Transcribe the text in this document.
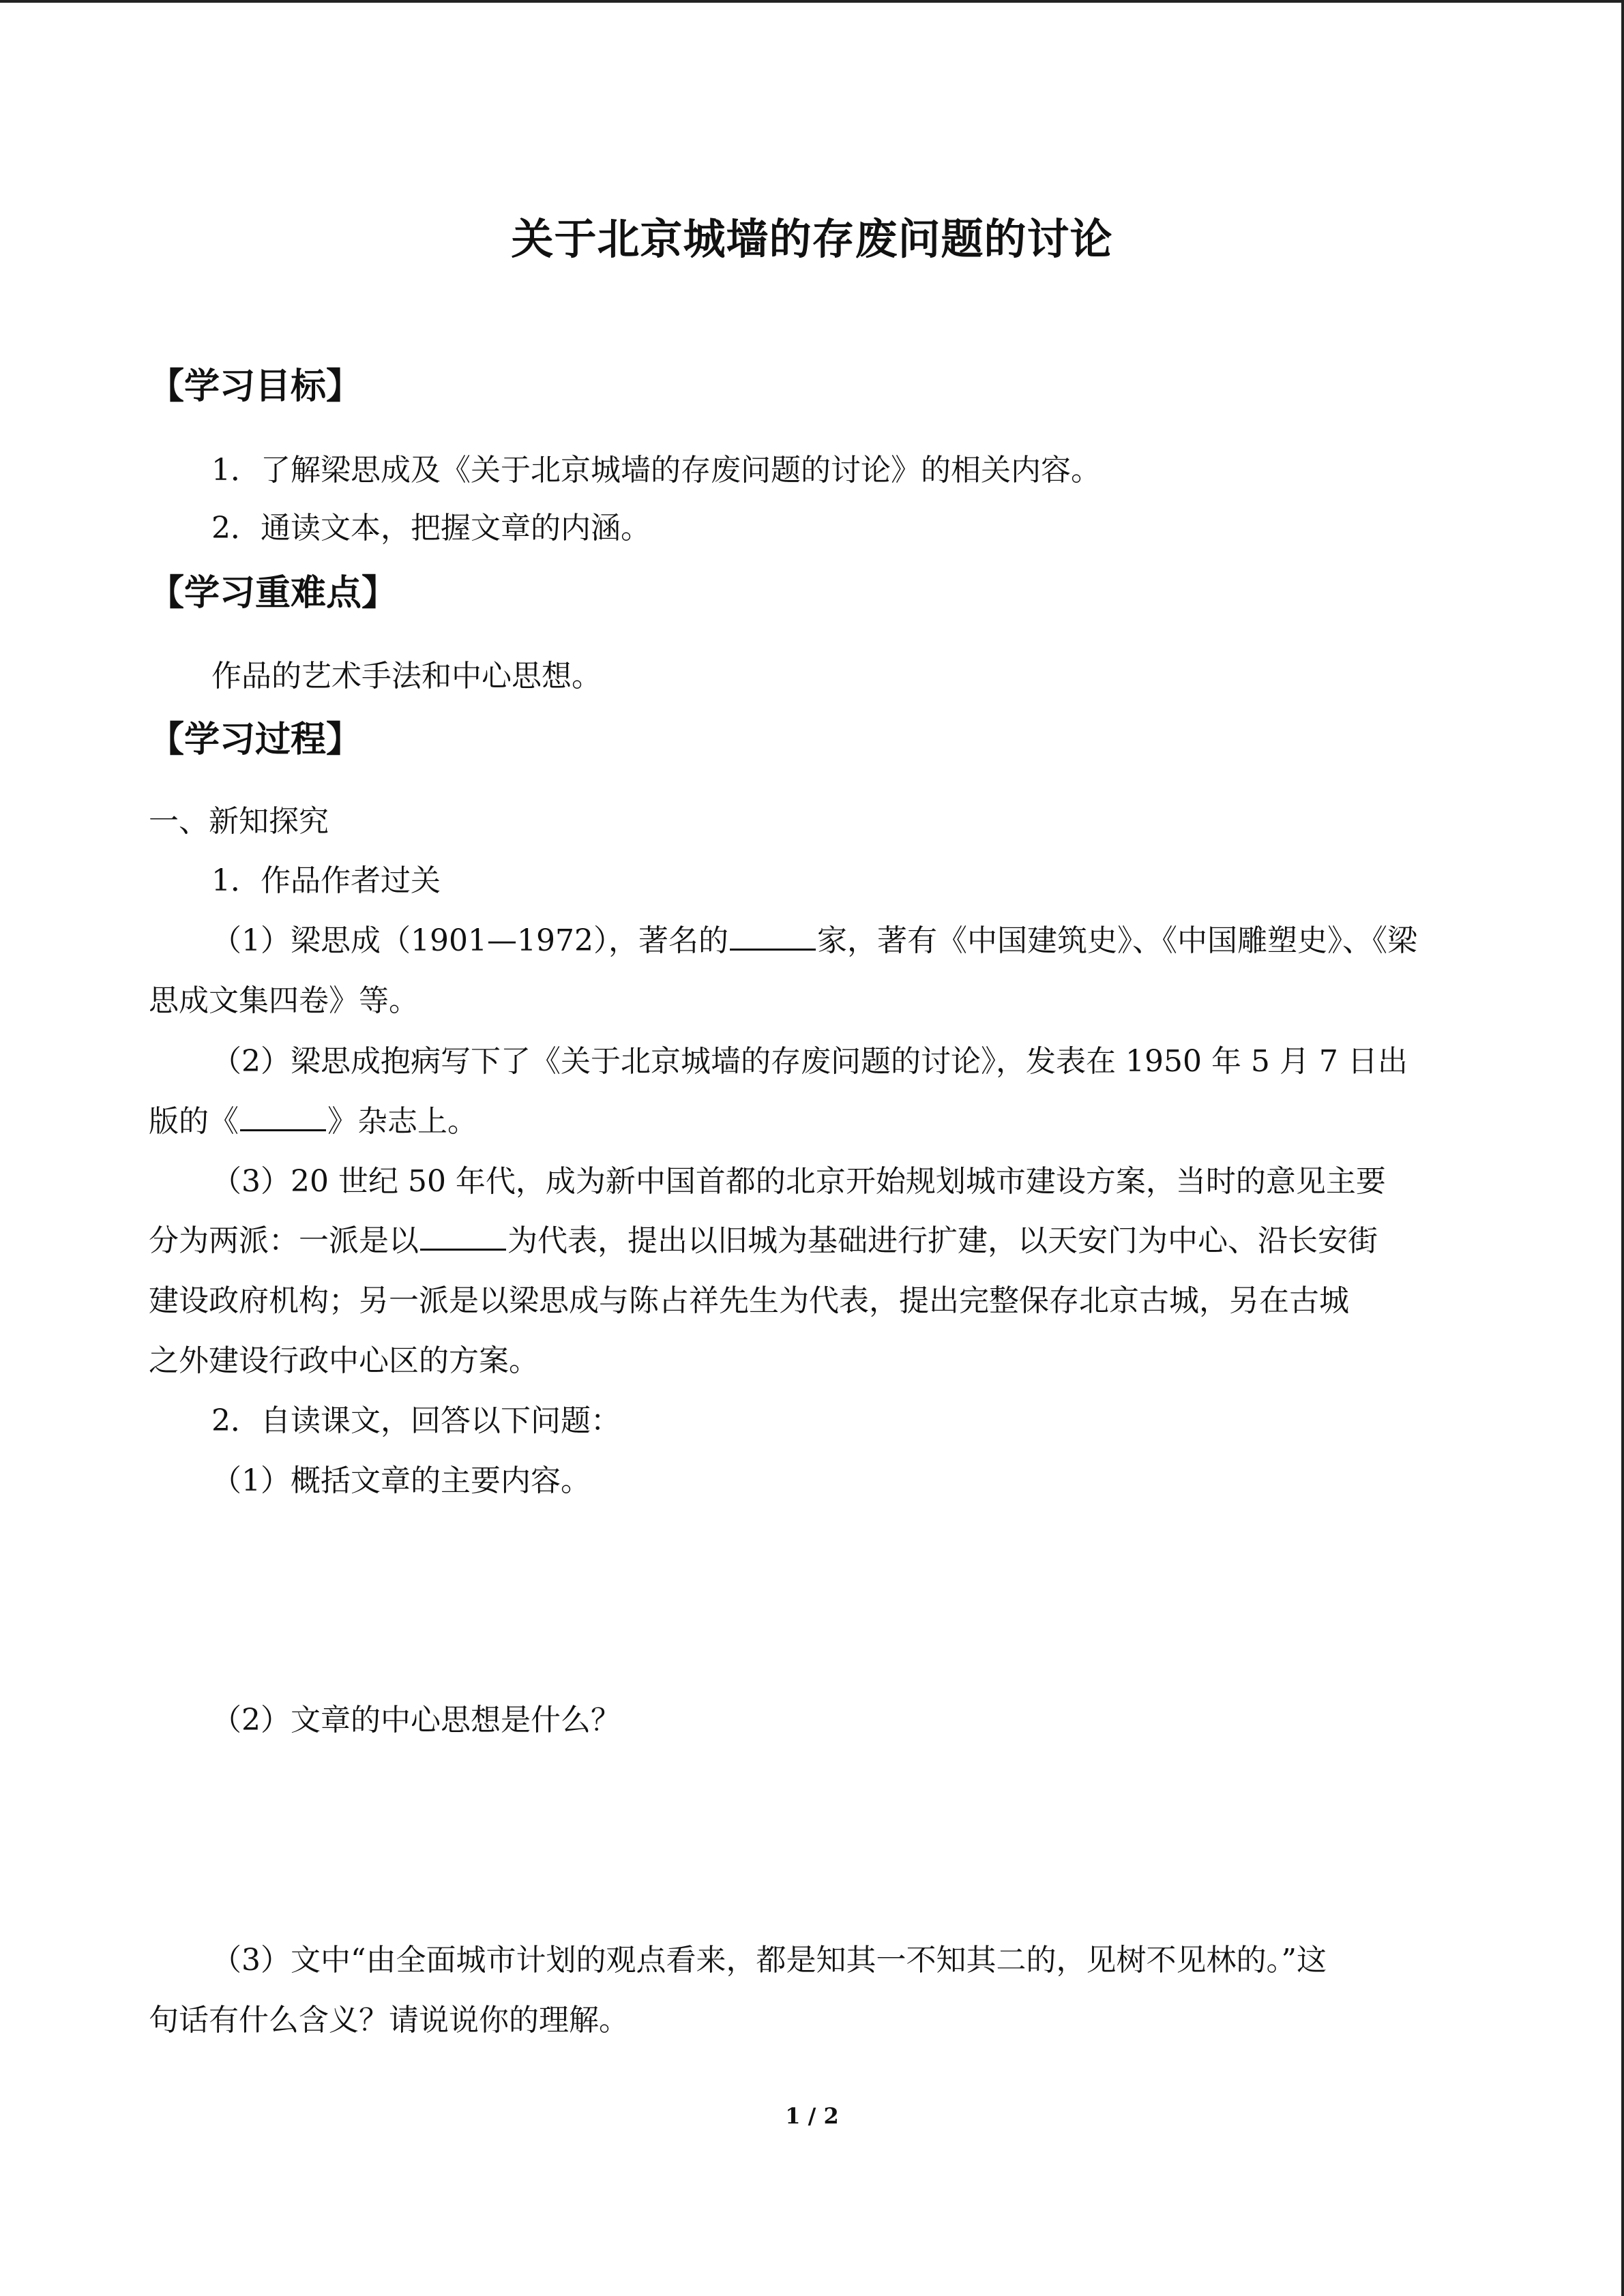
关于北京城墙的存废问题的讨论
【学习目标】
1．了解梁思成及《关于北京城墙的存废问题的讨论》的相关内容。
2．通读文本，把握文章的内涵。
【学习重难点】
作品的艺术手法和中心思想。
【学习过程】
一、新知探究
1．作品作者过关
（1）梁思成（1901—1972），著名的	家，著有《中国建筑史》、《中国雕塑史》、《梁
思成文集四卷》等。
（2）梁思成抱病写下了《关于北京城墙的存废问题的讨论》，发表在 1950 年 5 月 7 日出
版的《	》杂志上。
（3）20 世纪 50 年代，成为新中国首都的北京开始规划城市建设方案，当时的意见主要
分为两派：一派是以	为代表，提出以旧城为基础进行扩建，以天安门为中心、沿长安街
建设政府机构；另一派是以梁思成与陈占祥先生为代表，提出完整保存北京古城，另在古城
之外建设行政中心区的方案。
2．自读课文，回答以下问题：
（1）概括文章的主要内容。
（2）文章的中心思想是什么？
（3）文中“由全面城市计划的观点看来，都是知其一不知其二的，见树不见林的。”这
句话有什么含义？请说说你的理解。
1 / 2
